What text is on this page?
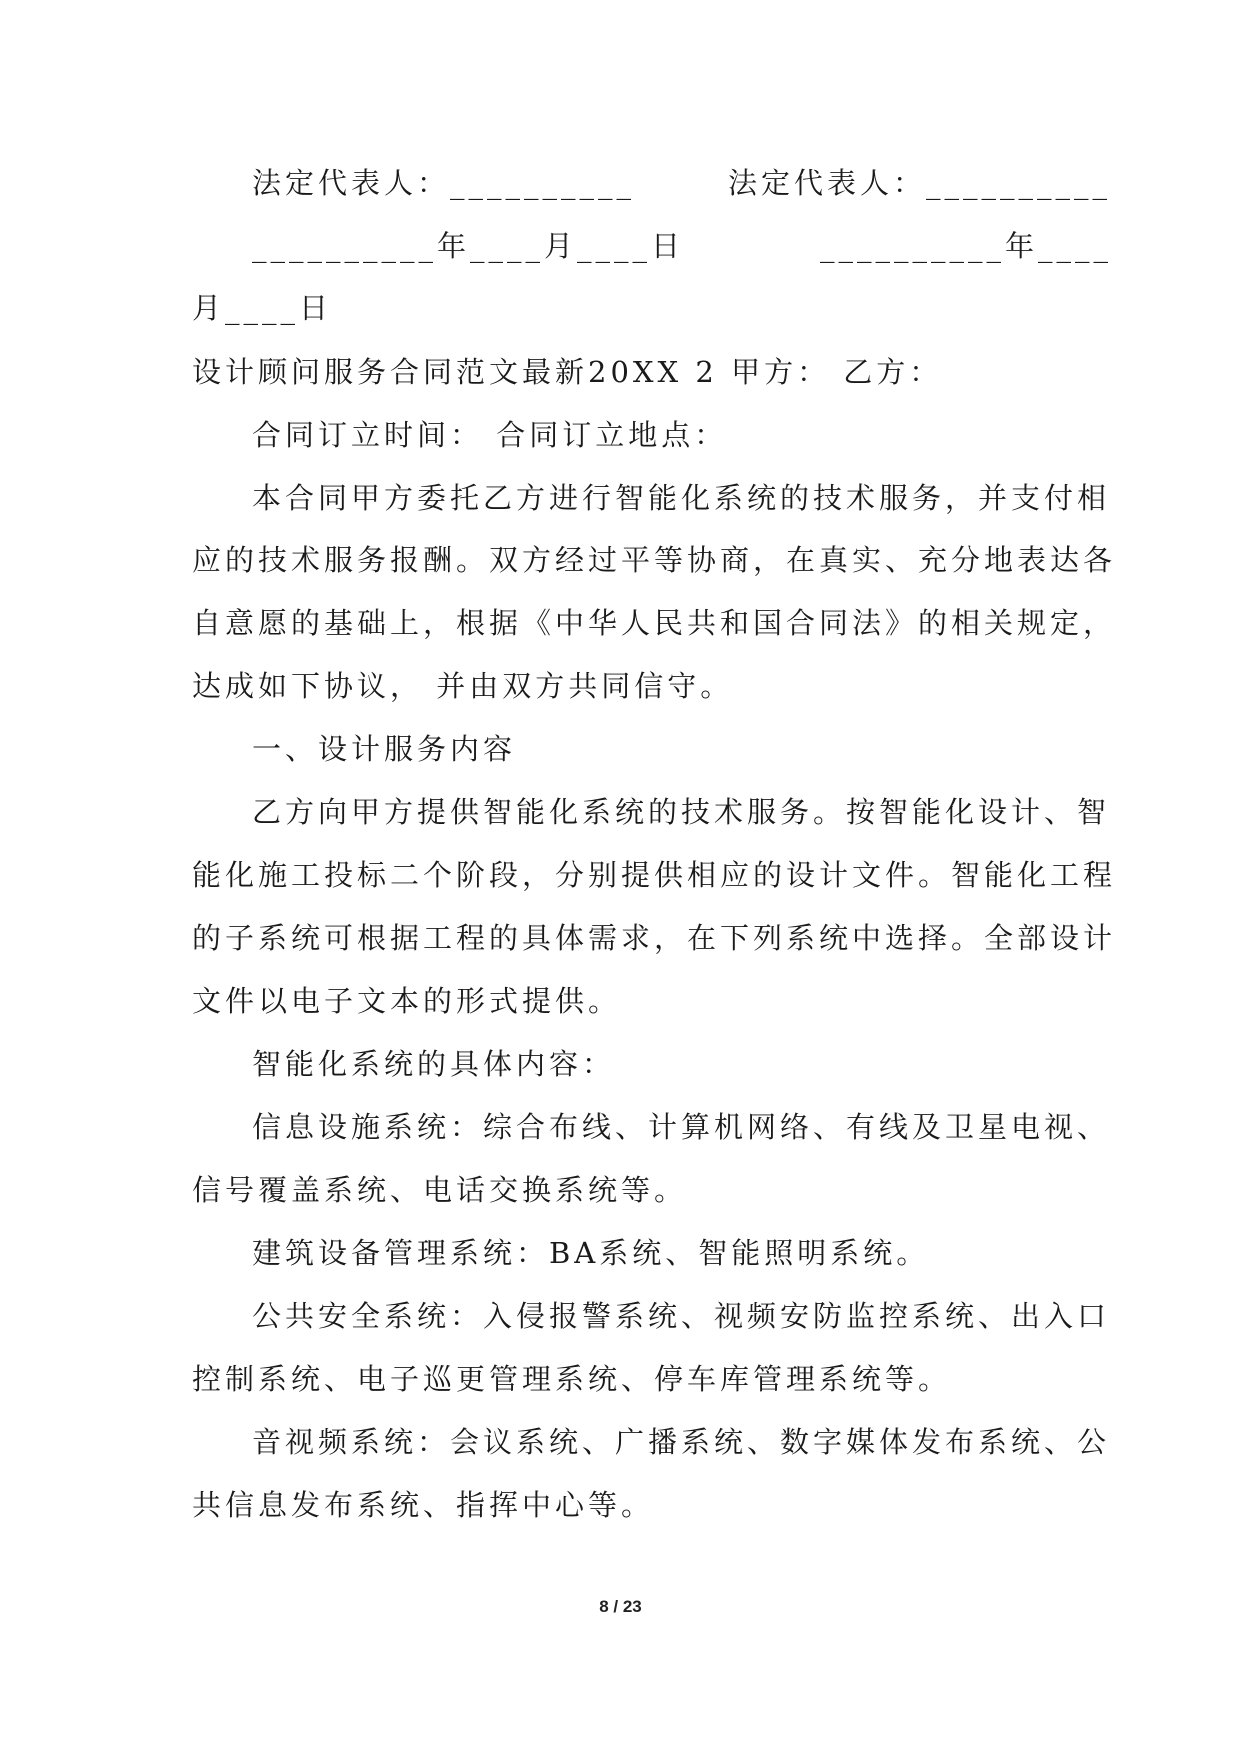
法定代表人：__________	法定代表人：__________
__________年____月____日	__________年____
月____日
设计顾问服务合同范文最新20XX 2 甲方： 乙方：
合同订立时间： 合同订立地点：
本合同甲方委托乙方进行智能化系统的技术服务，并支付相
应的技术服务报酬。双方经过平等协商，在真实、充分地表达各
自意愿的基础上，根据《中华人民共和国合同法》的相关规定，
达成如下协议， 并由双方共同信守。
一、设计服务内容
乙方向甲方提供智能化系统的技术服务。按智能化设计、智
能化施工投标二个阶段，分别提供相应的设计文件。智能化工程
的子系统可根据工程的具体需求，在下列系统中选择。全部设计
文件以电子文本的形式提供。
智能化系统的具体内容：
信息设施系统：综合布线、计算机网络、有线及卫星电视、
信号覆盖系统、电话交换系统等。
建筑设备管理系统：BA系统、智能照明系统。
公共安全系统：入侵报警系统、视频安防监控系统、出入口
控制系统、电子巡更管理系统、停车库管理系统等。
音视频系统：会议系统、广播系统、数字媒体发布系统、公
共信息发布系统、指挥中心等。
8 / 23
